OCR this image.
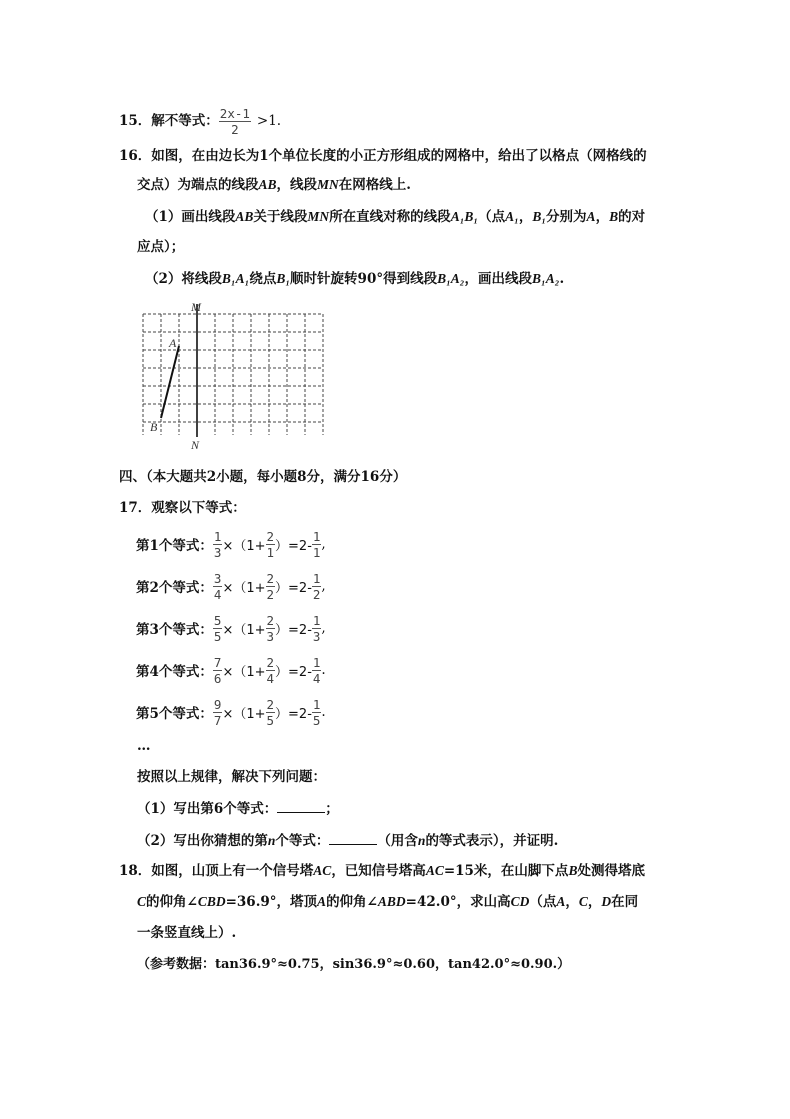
15．解不等式： $\frac{2x-1}{2} >1$.
16．如图，在由边长为1个单位长度的小正方形组成的网格中，给出了以格点（网格线的
交点）为端点的线段AB，线段MN在网格线上.
（1）画出线段AB关于线段MN所在直线对称的线段A₁B₁（点A₁，B₁分别为A，B的对
应点）；
（2）将线段B₁A₁绕点B₁顺时针旋转90°得到线段B₁A₂，画出线段B₁A₂.
M
N
A
B
四、（本大题共2小题，每小题8分，满分16分）
17．观察以下等式：
第1个等式： $\frac{1}{3} \times(1+ \frac{2}{1} )=2- \frac{1}{1}$ ,
第2个等式： $\frac{3}{4} \times(1+ \frac{2}{2} )=2- \frac{1}{2}$ ,
第3个等式： $\frac{5}{5} \times(1+ \frac{2}{3} )=2- \frac{1}{3}$ ,
第4个等式： $\frac{7}{6} \times(1+ \frac{2}{4} )=2- \frac{1}{4}$ .
第5个等式： $\frac{9}{7} \times(1+ \frac{2}{5} )=2- \frac{1}{5}$ .
…
按照以上规律，解决下列问题：
（1）写出第6个等式：	；
（2）写出你猜想的第n个等式：	（用含n的等式表示），并证明.
18．如图，山顶上有一个信号塔AC，已知信号塔高AC=15米，在山脚下点B处测得塔底
C的仰角∠CBD=36.9°，塔顶A的仰角∠ABD=42.0°，求山高CD（点A，C，D在同
一条竖直线上）.
（参考数据：tan36.9°≈0.75，sin36.9°≈0.60，tan42.0°≈0.90.）
